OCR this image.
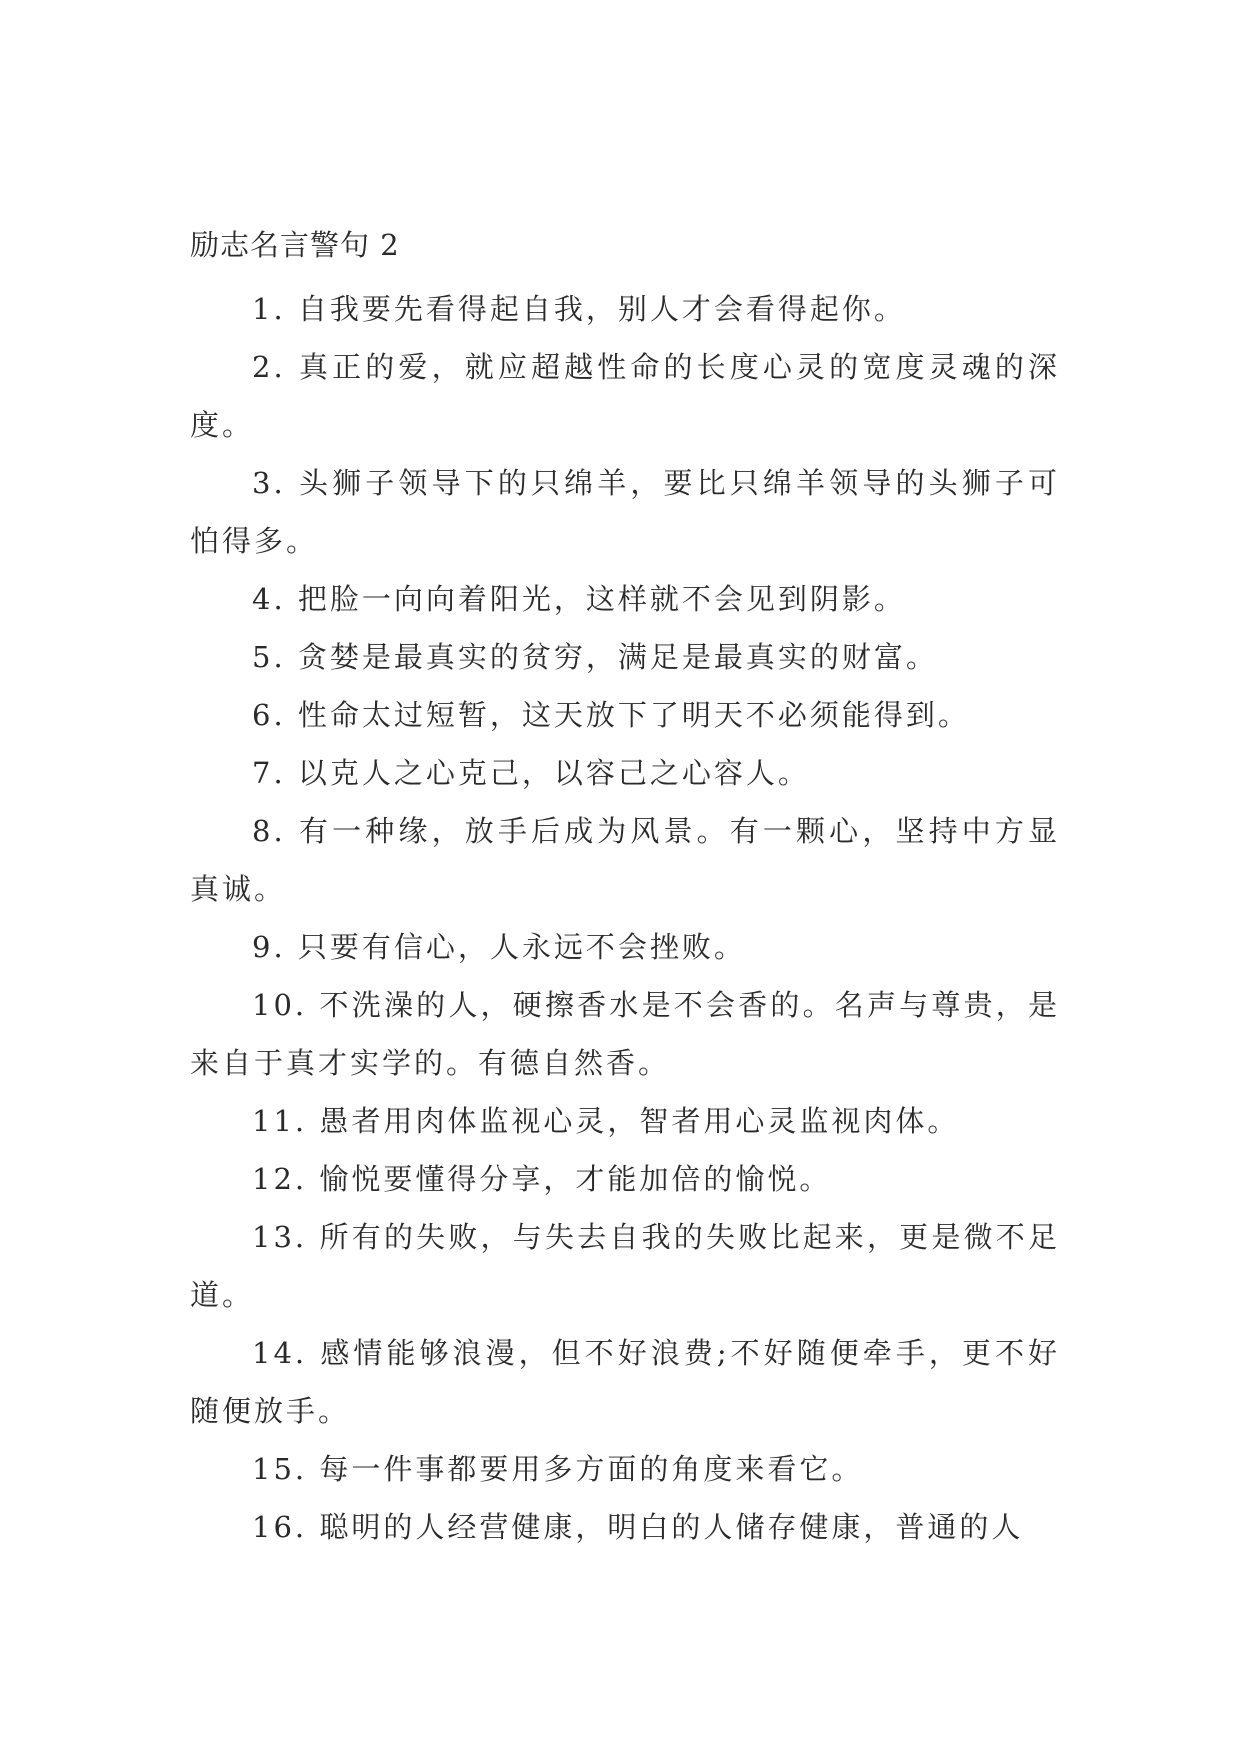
励志名言警句 2

1. 自我要先看得起自我，别人才会看得起你。

2. 真正的爱，就应超越性命的长度心灵的宽度灵魂的深度。

3. 头狮子领导下的只绵羊，要比只绵羊领导的头狮子可怕得多。

4. 把脸一向向着阳光，这样就不会见到阴影。

5. 贪婪是最真实的贫穷，满足是最真实的财富。

6. 性命太过短暂，这天放下了明天不必须能得到。

7. 以克人之心克己，以容己之心容人。

8. 有一种缘，放手后成为风景。有一颗心，坚持中方显真诚。

9. 只要有信心，人永远不会挫败。

10. 不洗澡的人，硬擦香水是不会香的。名声与尊贵，是来自于真才实学的。有德自然香。

11. 愚者用肉体监视心灵，智者用心灵监视肉体。

12. 愉悦要懂得分享，才能加倍的愉悦。

13. 所有的失败，与失去自我的失败比起来，更是微不足道。

14. 感情能够浪漫，但不好浪费;不好随便牵手，更不好随便放手。

15. 每一件事都要用多方面的角度来看它。

16. 聪明的人经营健康，明白的人储存健康，普通的人
